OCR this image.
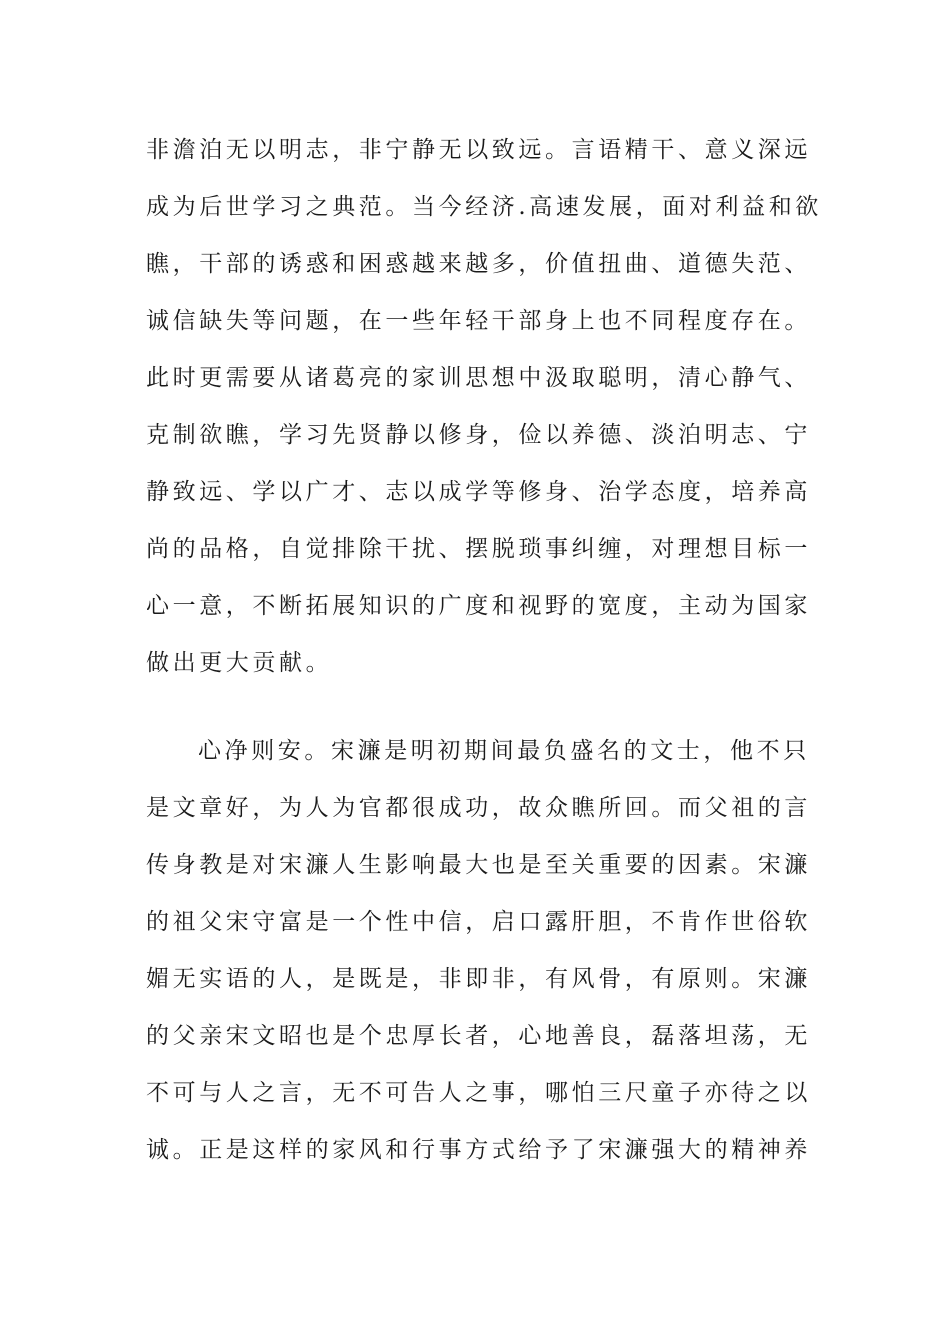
非澹泊无以明志，非宁静无以致远。言语精干、意义深远
成为后世学习之典范。当今经济.高速发展，面对利益和欲
瞧，干部的诱惑和困惑越来越多，价值扭曲、道德失范、
诚信缺失等问题，在一些年轻干部身上也不同程度存在。
此时更需要从诸葛亮的家训思想中汲取聪明，清心静气、
克制欲瞧，学习先贤静以修身，俭以养德、淡泊明志、宁
静致远、学以广才、志以成学等修身、治学态度，培养高
尚的品格，自觉排除干扰、摆脱琐事纠缠，对理想目标一
心一意，不断拓展知识的广度和视野的宽度，主动为国家
做出更大贡献。
心净则安。宋濂是明初期间最负盛名的文士，他不只
是文章好，为人为官都很成功，故众瞧所回。而父祖的言
传身教是对宋濂人生影响最大也是至关重要的因素。宋濂
的祖父宋守富是一个性中信，启口露肝胆，不肯作世俗软
媚无实语的人，是既是，非即非，有风骨，有原则。宋濂
的父亲宋文昭也是个忠厚长者，心地善良，磊落坦荡，无
不可与人之言，无不可告人之事，哪怕三尺童子亦待之以
诚。正是这样的家风和行事方式给予了宋濂强大的精神养
